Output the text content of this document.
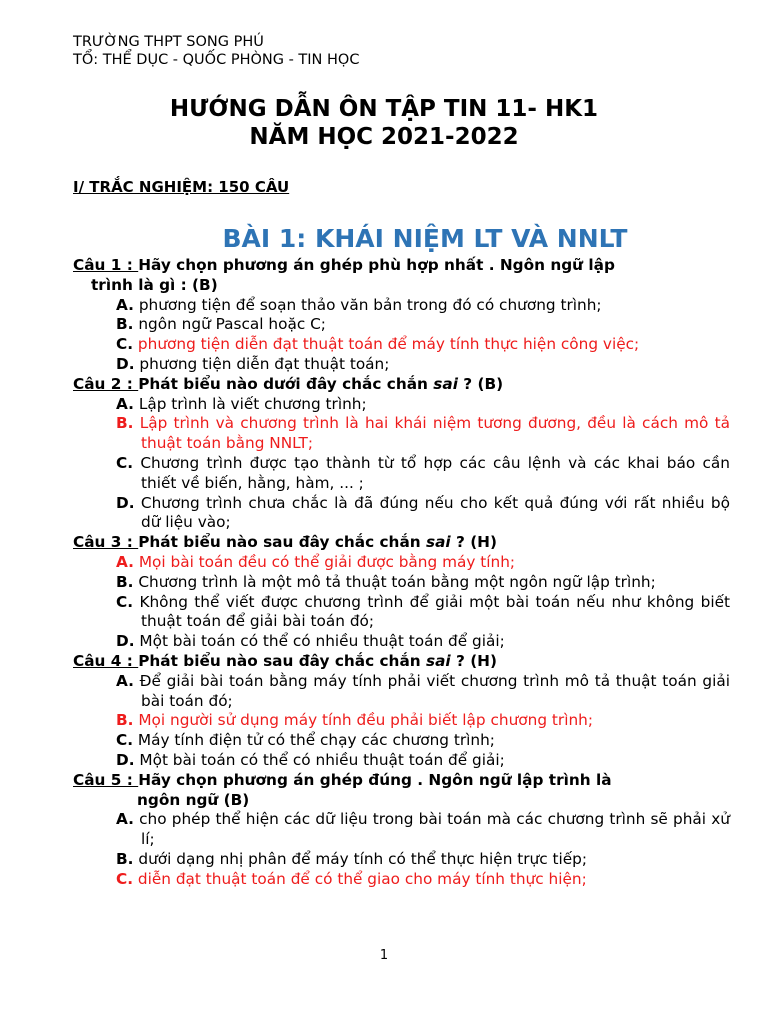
TRƯỜNG THPT SONG PHÚ
TỔ: THỂ DỤC - QUỐC PHÒNG - TIN HỌC
HƯỚNG DẪN ÔN TẬP TIN 11- HK1
NĂM HỌC 2021-2022
I/ TRẮC NGHIỆM: 150 CÂU
BÀI 1: KHÁI NIỆM LT VÀ NNLT
Câu 1 : Hãy chọn phương án ghép phù hợp nhất . Ngôn ngữ lập
trình là gì : (B)
A. phương tiện để soạn thảo văn bản trong đó có chương trình;
B. ngôn ngữ Pascal hoặc C;
C. phương tiện diễn đạt thuật toán để máy tính thực hiện công việc;
D. phương tiện diễn đạt thuật toán;
Câu 2 : Phát biểu nào dưới đây chắc chắn sai ? (B)
A. Lập trình là viết chương trình;
B. Lập trình và chương trình là hai khái niệm tương đương, đều là cách mô tả thuật toán bằng NNLT;
C. Chương trình được tạo thành từ tổ hợp các câu lệnh và các khai báo cần thiết về biến, hằng, hàm, ... ;
D. Chương trình chưa chắc là đã đúng nếu cho kết quả đúng với rất nhiều bộ dữ liệu vào;
Câu 3 : Phát biểu nào sau đây chắc chắn sai ? (H)
A. Mọi bài toán đều có thể giải được bằng máy tính;
B. Chương trình là một mô tả thuật toán bằng một ngôn ngữ lập trình;
C. Không thể viết được chương trình để giải một bài toán nếu như không biết thuật toán để giải bài toán đó;
D. Một bài toán có thể có nhiều thuật toán để giải;
Câu 4 : Phát biểu nào sau đây chắc chắn sai ? (H)
A. Để giải bài toán bằng máy tính phải viết chương trình mô tả thuật toán giải bài toán đó;
B. Mọi người sử dụng máy tính đều phải biết lập chương trình;
C. Máy tính điện tử có thể chạy các chương trình;
D. Một bài toán có thể có nhiều thuật toán để giải;
Câu 5 : Hãy chọn phương án ghép đúng . Ngôn ngữ lập trình là
ngôn ngữ (B)
A. cho phép thể hiện các dữ liệu trong bài toán mà các chương trình sẽ phải xử lí;
B. dưới dạng nhị phân để máy tính có thể thực hiện trực tiếp;
C. diễn đạt thuật toán để có thể giao cho máy tính thực hiện;
1
